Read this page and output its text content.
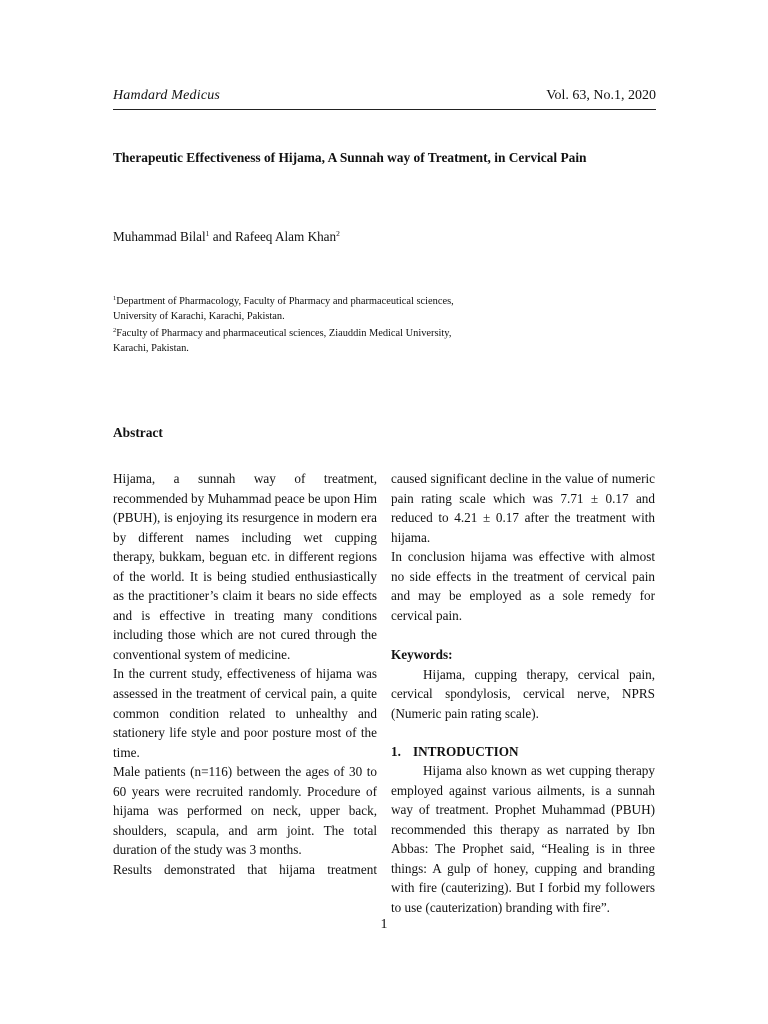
Hamdard Medicus	Vol. 63, No.1, 2020
Therapeutic Effectiveness of Hijama, A Sunnah way of Treatment, in Cervical Pain
Muhammad Bilal$^1$ and Rafeeq Alam Khan$^2$
$^1$Department of Pharmacology, Faculty of Pharmacy and pharmaceutical sciences,
University of Karachi, Karachi, Pakistan.
$^2$Faculty of Pharmacy and pharmaceutical sciences, Ziauddin Medical University,
Karachi, Pakistan.
Abstract

Hijama, a sunnah way of treatment, recommended by Muhammad peace be upon Him (PBUH), is enjoying its resurgence in modern era by different names including wet cupping therapy, bukkam, beguan etc. in different regions of the world. It is being studied enthusiastically as the practitioner’s claim it bears no side effects and is effective in treating many conditions including those which are not cured through the conventional system of medicine.

In the current study, effectiveness of hijama was assessed in the treatment of cervical pain, a quite common condition related to unhealthy and stationery life style and poor posture most of the time.

Male patients (n=116) between the ages of 30 to 60 years were recruited randomly. Procedure of hijama was performed on neck, upper back, shoulders, scapula, and arm joint. The total duration of the study was 3 months.

Results demonstrated that hijama treatment

caused significant decline in the value of numeric pain rating scale which was 7.71 ± 0.17 and reduced to 4.21 ± 0.17 after the treatment with hijama.

In conclusion hijama was effective with almost no side effects in the treatment of cervical pain and may be employed as a sole remedy for cervical pain.

Keywords:

Hijama, cupping therapy, cervical pain, cervical spondylosis, cervical nerve, NPRS (Numeric pain rating scale).

1. INTRODUCTION

Hijama also known as wet cupping therapy employed against various ailments, is a sunnah way of treatment. Prophet Muhammad (PBUH) recommended this therapy as narrated by Ibn Abbas: The Prophet said, “Healing is in three things: A gulp of honey, cupping and branding with fire (cauterizing). But I forbid my followers to use (cauterization) branding with fire”.

1
